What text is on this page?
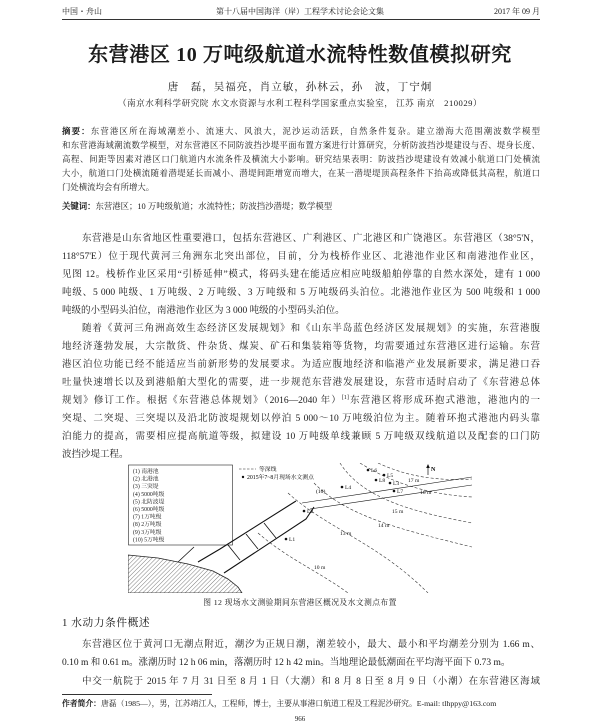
中国・舟山	第十八届中国海洋（岸）工程学术讨论会论文集	2017 年 09 月
东营港区 10 万吨级航道水流特性数值模拟研究
唐　磊，吴福亮，肖立敏，孙林云，孙　波，丁宁炯
（南京水利科学研究院 水文水资源与水利工程科学国家重点实验室， 江苏 南京　210029）
摘要：东营港区所在海域潮差小、流速大、风浪大，泥沙运动活跃，自然条件复杂。建立渤海大范围潮波数学模型
和东营港海域潮流数学模型，对东营港区不同防波挡沙堤平面布置方案进行计算研究，分析防波挡沙堤建设与否、堤身长度、
高程、间距等因素对港区口门航道内水流条件及横流大小影响。研究结果表明：防波挡沙堤建设有效减小航道口门处横流
大小，航道口门处横流随着潜堤延长而减小、潜堤间距增宽而增大，在某一潜堤堤顶高程条件下抬高或降低其高程，航道口
门处横流均会有所增大。
关键词：东营港区；10 万吨级航道；水流特性；防波挡沙潜堤；数学模型
东营港是山东省地区性重要港口，包括东营港区、广利港区、广北港区和广饶港区。东营港区（38°5'N，
118°57'E）位于现代黄河三角洲东北突出部位，目前，分为栈桥作业区、北港池作业区和南港池作业区，
见图 12。栈桥作业区采用“引桥延伸”模式，将码头建在能适应相应吨级船舶停靠的自然水深处，建有 1 000
吨级、5 000 吨级、1 万吨级、2 万吨级、3 万吨级和 5 万吨级码头泊位。北港池作业区为 500 吨级和 1 000
吨级的小型码头泊位，南港池作业区为 3 000 吨级的小型码头泊位。
随着《黄河三角洲高效生态经济区发展规划》和《山东半岛蓝色经济区发展规划》的实施，东营港腹
地经济蓬勃发展，大宗散货、件杂货、煤炭、矿石和集装箱等货物，均需要通过东营港区进行运输。东营
港区泊位功能已经不能适应当前新形势的发展要求。为适应腹地经济和临港产业发展新要求，满足港口吞
吐量快速增长以及到港船舶大型化的需要，进一步规范东营港发展建设，东营市适时启动了《东营港总体
规划》修订工作。根据《东营港总体规划》（2016—2040 年）[1]东营港区将形成环抱式港池，港池内的一
突堤、二突堤、三突堤以及沿北防波堤规划以停泊 5 000～10 万吨级泊位为主。随着环抱式港池内码头靠
泊能力的提高，需要相应提高航道等级，拟建设 10 万吨级单线兼顾 5 万吨级双线航道以及配套的口门防
波挡沙堤工程。
(1) 南港池
(2) 北港池
(3) 三突堤
(4) 5000吨级
(5) 北防波堤
(6) 5000吨级
(7) 1万吨级
(8) 2万吨级
(9) 3万吨级
(10) 5万吨级
等深线
2015年7~8月现场水文测点
(10)
L1
L2
L3
L4
L5
L6
L7
L8
10 m
13 m
14 m
15 m
16 m
17 m
N
图 12 现场水文测验期间东营港区概况及水文测点布置
1 水动力条件概述
东营港区位于黄河口无潮点附近，潮汐为正规日潮，潮差较小，最大、最小和平均潮差分别为 1.66 m、
0.10 m 和 0.61 m。涨潮历时 12 h 06 min，落潮历时 12 h 42 min。当地理论最低潮面在平均海平面下 0.73 m。
中交一航院于 2015 年 7 月 31 日至 8 月 1 日（大潮）和 8 月 8 日至 8 月 9 日（小潮）在东营港区海域
作者简介：唐磊（1985—），男，江苏靖江人，工程师，博士，主要从事港口航道工程及工程泥沙研究。E-mail: tlhppy@163.com
966
